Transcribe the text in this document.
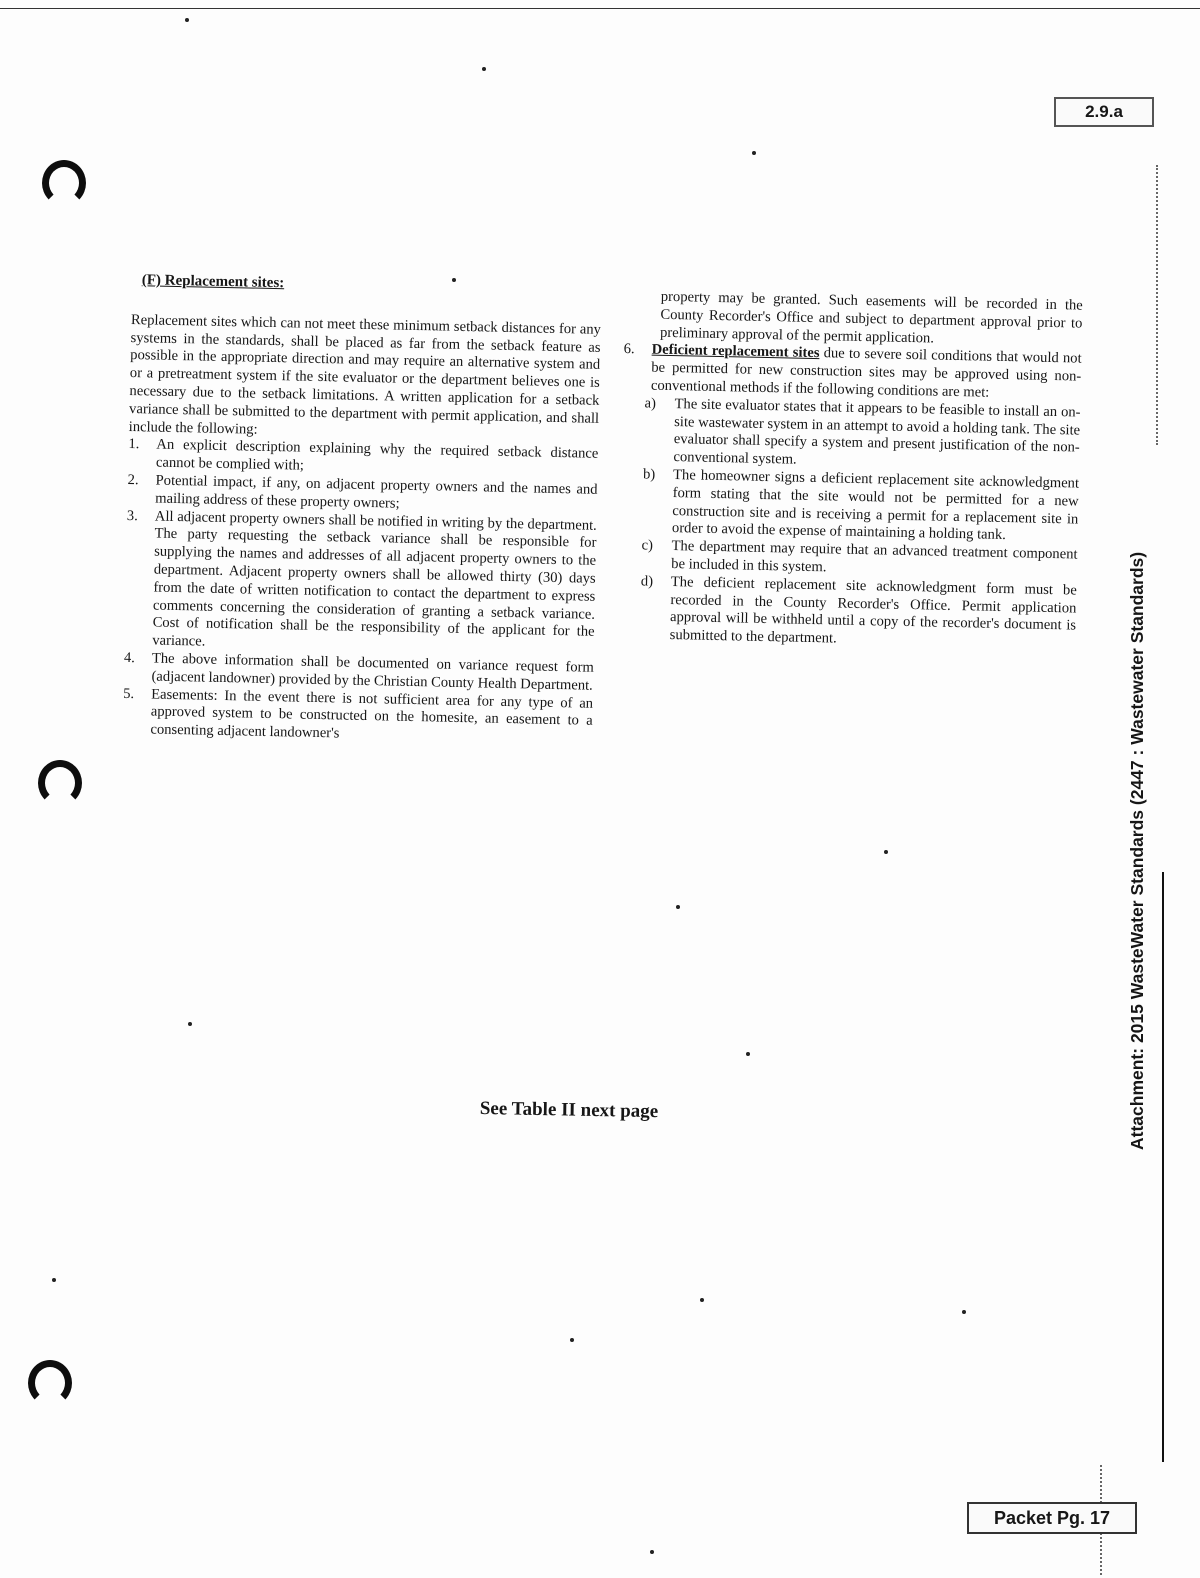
2.9.a

(F) Replacement sites:

Replacement sites which can not meet these minimum setback distances for any systems in the standards, shall be placed as far from the setback feature as possible in the appropriate direction and may require an alternative system and or a pretreatment system if the site evaluator or the department believes one is necessary due to the setback limitations. A written application for a setback variance shall be submitted to the department with permit application, and shall include the following:

1. An explicit description explaining why the required setback distance cannot be complied with;
2. Potential impact, if any, on adjacent property owners and the names and mailing address of these property owners;
3. All adjacent property owners shall be notified in writing by the department. The party requesting the setback variance shall be responsible for supplying the names and addresses of all adjacent property owners to the department. Adjacent property owners shall be allowed thirty (30) days from the date of written notification to contact the department to express comments concerning the consideration of granting a setback variance. Cost of notification shall be the responsibility of the applicant for the variance.
4. The above information shall be documented on variance request form (adjacent landowner) provided by the Christian County Health Department.
5. Easements: In the event there is not sufficient area for any type of an approved system to be constructed on the homesite, an easement to a consenting adjacent landowner's

property may be granted. Such easements will be recorded in the County Recorder's Office and subject to department approval prior to preliminary approval of the permit application.

6. Deficient replacement sites due to severe soil conditions that would not be permitted for new construction sites may be approved using non-conventional methods if the following conditions are met:
a) The site evaluator states that it appears to be feasible to install an on-site wastewater system in an attempt to avoid a holding tank. The site evaluator shall specify a system and present justification of the non-conventional system.
b) The homeowner signs a deficient replacement site acknowledgment form stating that the site would not be permitted for a new construction site and is receiving a permit for a replacement site in order to avoid the expense of maintaining a holding tank.
c) The department may require that an advanced treatment component be included in this system.
d) The deficient replacement site acknowledgment form must be recorded in the County Recorder's Office. Permit application approval will be withheld until a copy of the recorder's document is submitted to the department.
See Table II next page	Attachment: 2015 WasteWater Standards (2447 : Wastewater Standards)
Packet Pg. 17
